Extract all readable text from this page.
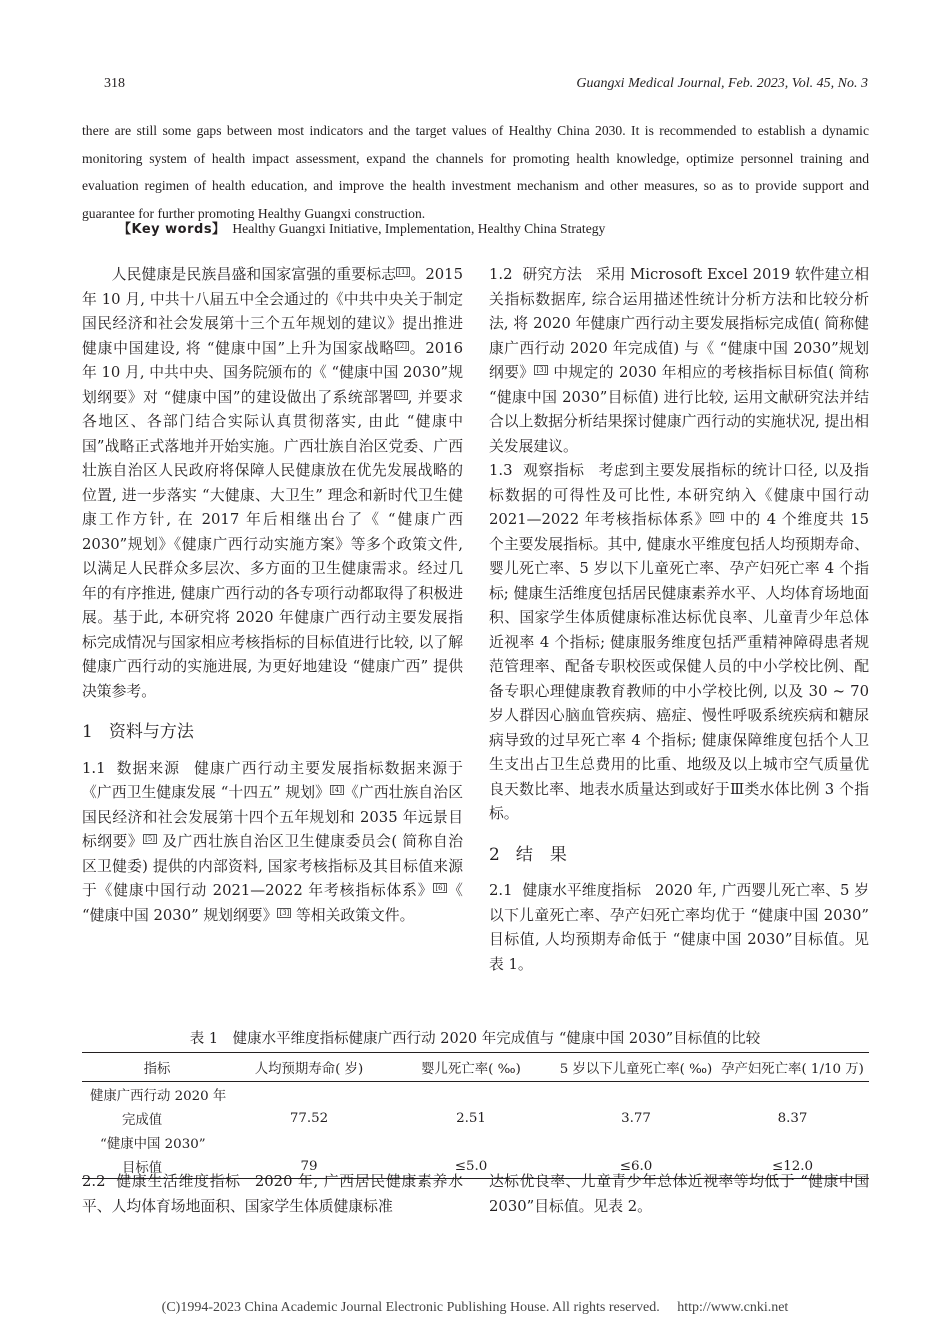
318	Guangxi Medical Journal, Feb. 2023, Vol. 45, No. 3

there are still some gaps between most indicators and the target values of Healthy China 2030. It is recommended to establish a dynamic monitoring system of health impact assessment, expand the channels for promoting health knowledge, optimize personnel training and evaluation regimen of health education, and improve the health investment mechanism and other measures, so as to provide support and guarantee for further promoting Healthy Guangxi construction.

【Key words】 Healthy Guangxi Initiative, Implementation, Healthy China Strategy

人民健康是民族昌盛和国家富强的重要标志 [1] 。2015 年 10 月, 中共十八届五中全会通过的《中共中央关于制定国民经济和社会发展第十三个五年规划的建议》提出推进健康中国建设, 将 “健康中国”上升为国家战略 [2] 。2016 年 10 月, 中共中央、国务院颁布的《 “健康中国 2030”规划纲要》对 “健康中国”的建设做出了系统部署 [3] , 并要求各地区、各部门结合实际认真贯彻落实, 由此 “健康中国”战略正式落地并开始实施。广西壮族自治区党委、广西壮族自治区人民政府将保障人民健康放在优先发展战略的位置, 进一步落实 “大健康、大卫生” 理念和新时代卫生健康工作方针, 在 2017 年后相继出台了《 “健康广西 2030”规划》《健康广西行动实施方案》等多个政策文件, 以满足人民群众多层次、多方面的卫生健康需求。经过几年的有序推进, 健康广西行动的各专项行动都取得了积极进展。基于此, 本研究将 2020 年健康广西行动主要发展指标完成情况与国家相应考核指标的目标值进行比较, 以了解健康广西行动的实施进展, 为更好地建设 “健康广西” 提供决策参考。

1 资料与方法

1.1 数据来源 健康广西行动主要发展指标数据来源于《广西卫生健康发展 “十四五” 规划》 [4] 《广西壮族自治区国民经济和社会发展第十四个五年规划和 2035 年远景目标纲要》 [5] 及广西壮族自治区卫生健康委员会( 简称自治区卫健委) 提供的内部资料, 国家考核指标及其目标值来源于《健康中国行动 2021—2022 年考核指标体系》 [6] 《 “健康中国 2030” 规划纲要》 [3] 等相关政策文件。

1.2 研究方法 采用 Microsoft Excel 2019 软件建立相关指标数据库, 综合运用描述性统计分析方法和比较分析法, 将 2020 年健康广西行动主要发展指标完成值( 简称健康广西行动 2020 年完成值) 与《 “健康中国 2030”规划纲要》 [3] 中规定的 2030 年相应的考核指标目标值( 简称 “健康中国 2030”目标值) 进行比较, 运用文献研究法并结合以上数据分析结果探讨健康广西行动的实施状况, 提出相关发展建议。

1.3 观察指标 考虑到主要发展指标的统计口径, 以及指标数据的可得性及可比性, 本研究纳入《健康中国行动 2021—2022 年考核指标体系》 [6] 中的 4 个维度共 15 个主要发展指标。其中, 健康水平维度包括人均预期寿命、婴儿死亡率、5 岁以下儿童死亡率、孕产妇死亡率 4 个指标; 健康生活维度包括居民健康素养水平、人均体育场地面积、国家学生体质健康标准达标优良率、儿童青少年总体近视率 4 个指标; 健康服务维度包括严重精神障碍患者规范管理率、配备专职校医或保健人员的中小学校比例、配备专职心理健康教育教师的中小学校比例, 以及 30 ~ 70 岁人群因心脑血管疾病、癌症、慢性呼吸系统疾病和糖尿病导致的过早死亡率 4 个指标; 健康保障维度包括个人卫生支出占卫生总费用的比重、地级及以上城市空气质量优良天数比率、地表水质量达到或好于Ⅲ类水体比例 3 个指标。

2 结　果

2.1 健康水平维度指标 2020 年, 广西婴儿死亡率、5 岁以下儿童死亡率、孕产妇死亡率均优于 “健康中国 2030” 目标值, 人均预期寿命低于 “健康中国 2030”目标值。见表 1。

表 1　健康水平维度指标健康广西行动 2020 年完成值与 “健康中国 2030”目标值的比较

指标	人均预期寿命( 岁)	婴儿死亡率( ‰)	5 岁以下儿童死亡率( ‰)	孕产妇死亡率( 1/10 万)
健康广西行动 2020 年				
完成值	77.52	2.51	3.77	8.37
“健康中国 2030”				
目标值	79	≤5.0	≤6.0	≤12.0

2.2 健康生活维度指标 2020 年, 广西居民健康素养水平、人均体育场地面积、国家学生体质健康标准

达标优良率、儿童青少年总体近视率等均低于 “健康中国 2030”目标值。见表 2。

(C)1994-2023 China Academic Journal Electronic Publishing House. All rights reserved.　 http://www.cnki.net
